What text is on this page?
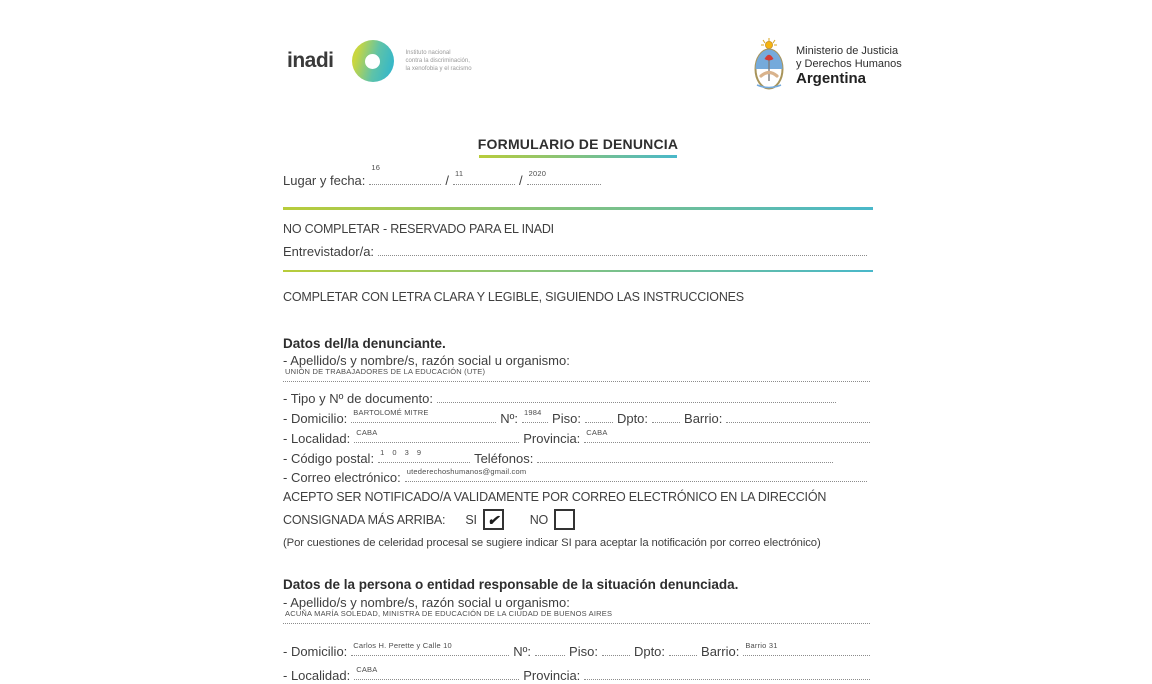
inadi	Instituto nacional
contra la discriminación,
la xenofobia y el racismo
Ministerio de Justicia
y Derechos Humanos
Argentina
FORMULARIO DE DENUNCIA
Lugar y fecha:
16
/ 11	/ 2020
NO COMPLETAR - RESERVADO PARA EL INADI
Entrevistador/a:
COMPLETAR CON LETRA CLARA Y LEGIBLE, SIGUIENDO LAS INSTRUCCIONES
Datos del/la denunciante.
- Apellido/s y nombre/s, razón social u organismo:
UNIÓN DE TRABAJADORES DE LA EDUCACIÓN (UTE)
- Tipo y Nº de documento:
- Domicilio: BARTOLOMÉ MITRE	Nº: 1984 Piso:	Dpto:	Barrio:
- Localidad: CABA	Provincia: CABA
- Código postal: 1 0 3 9	Teléfonos:
- Correo electrónico: utederechoshumanos@gmail.com
ACEPTO SER NOTIFICADO/A VALIDAMENTE POR CORREO ELECTRÓNICO EN LA DIRECCIÓN
CONSIGNADA MÁS ARRIBA: SI ✔ NO
(Por cuestiones de celeridad procesal se sugiere indicar SI para aceptar la notificación por correo electrónico)
Datos de la persona o entidad responsable de la situación denunciada.
- Apellido/s y nombre/s, razón social u organismo:
ACUÑA MARÍA SOLEDAD, MINISTRA DE EDUCACIÓN DE LA CIUDAD DE BUENOS AIRES
- Domicilio: Carlos H. Perette y Calle 10	Nº:	Piso:	Dpto:	Barrio: Barrio 31
- Localidad: CABA	Provincia:
